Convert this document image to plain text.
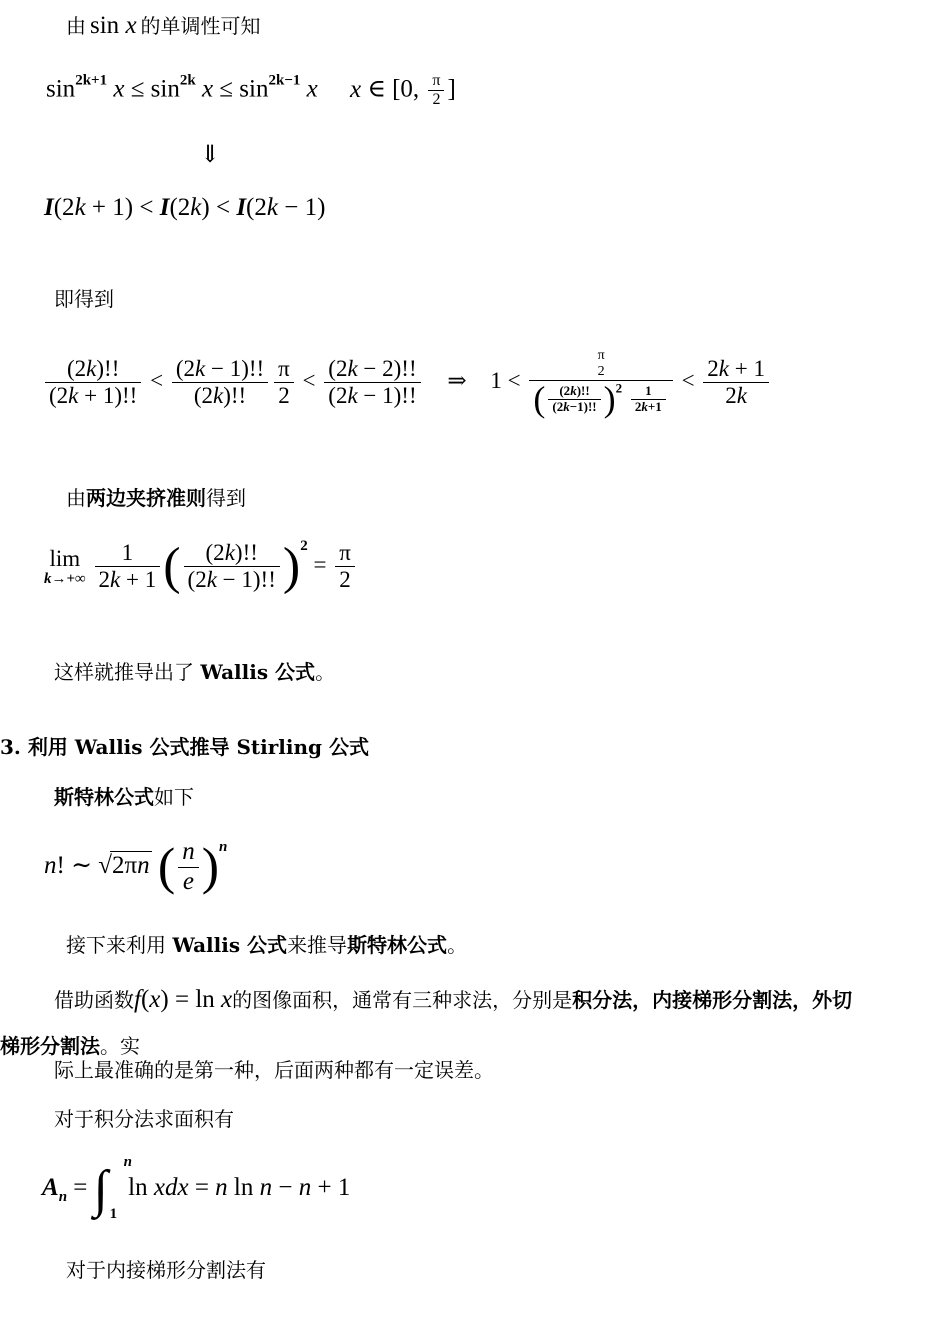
由 sin x 的单调性可知
$\sin^{2k+1} x \le \sin^{2k} x \le \sin^{2k-1} x$ x ∈ [0, $\frac{\pi}{2}$ ]
⇓
I(2k + 1) < I(2k) < I(2k − 1)
即得到
$\frac{(2k)!!}{(2k + 1)!!} < \frac{(2k - 1)!!}{(2k)!!} \frac{\pi}{2} < \frac{(2k - 2)!!}{(2k - 1)!!}$ ⇒ 1 <
π
2
( $\frac{(2k)!!}{(2k-1)!!} )^2 \frac{1}{2k+1}$
< $\frac{2k + 1}{2k}$
由两边夹挤准则得到
lim
k→+∞
$\frac{1}{2k + 1}$ ( $\frac{(2k)!!}{(2k - 1)!!} )^2 = \frac{\pi}{2}$
这样就推导出了 Wallis 公式。
3. 利用 Wallis 公式推导 Stirling 公式
斯特林公式如下
n! ∼ √2πn ( $\frac{n}{e} )^n$
接下来利用 Wallis 公式来推导斯特林公式。
借助函数f(x) = ln x的图像面积，通常有三种求法，分别是积分法，内接梯形分割法，外切
梯形分割法。实
际上最准确的是第一种，后面两种都有一定误差。
对于积分法求面积有
$A_n$ = ∫ n
1
ln xdx = n ln n − n + 1
对于内接梯形分割法有
